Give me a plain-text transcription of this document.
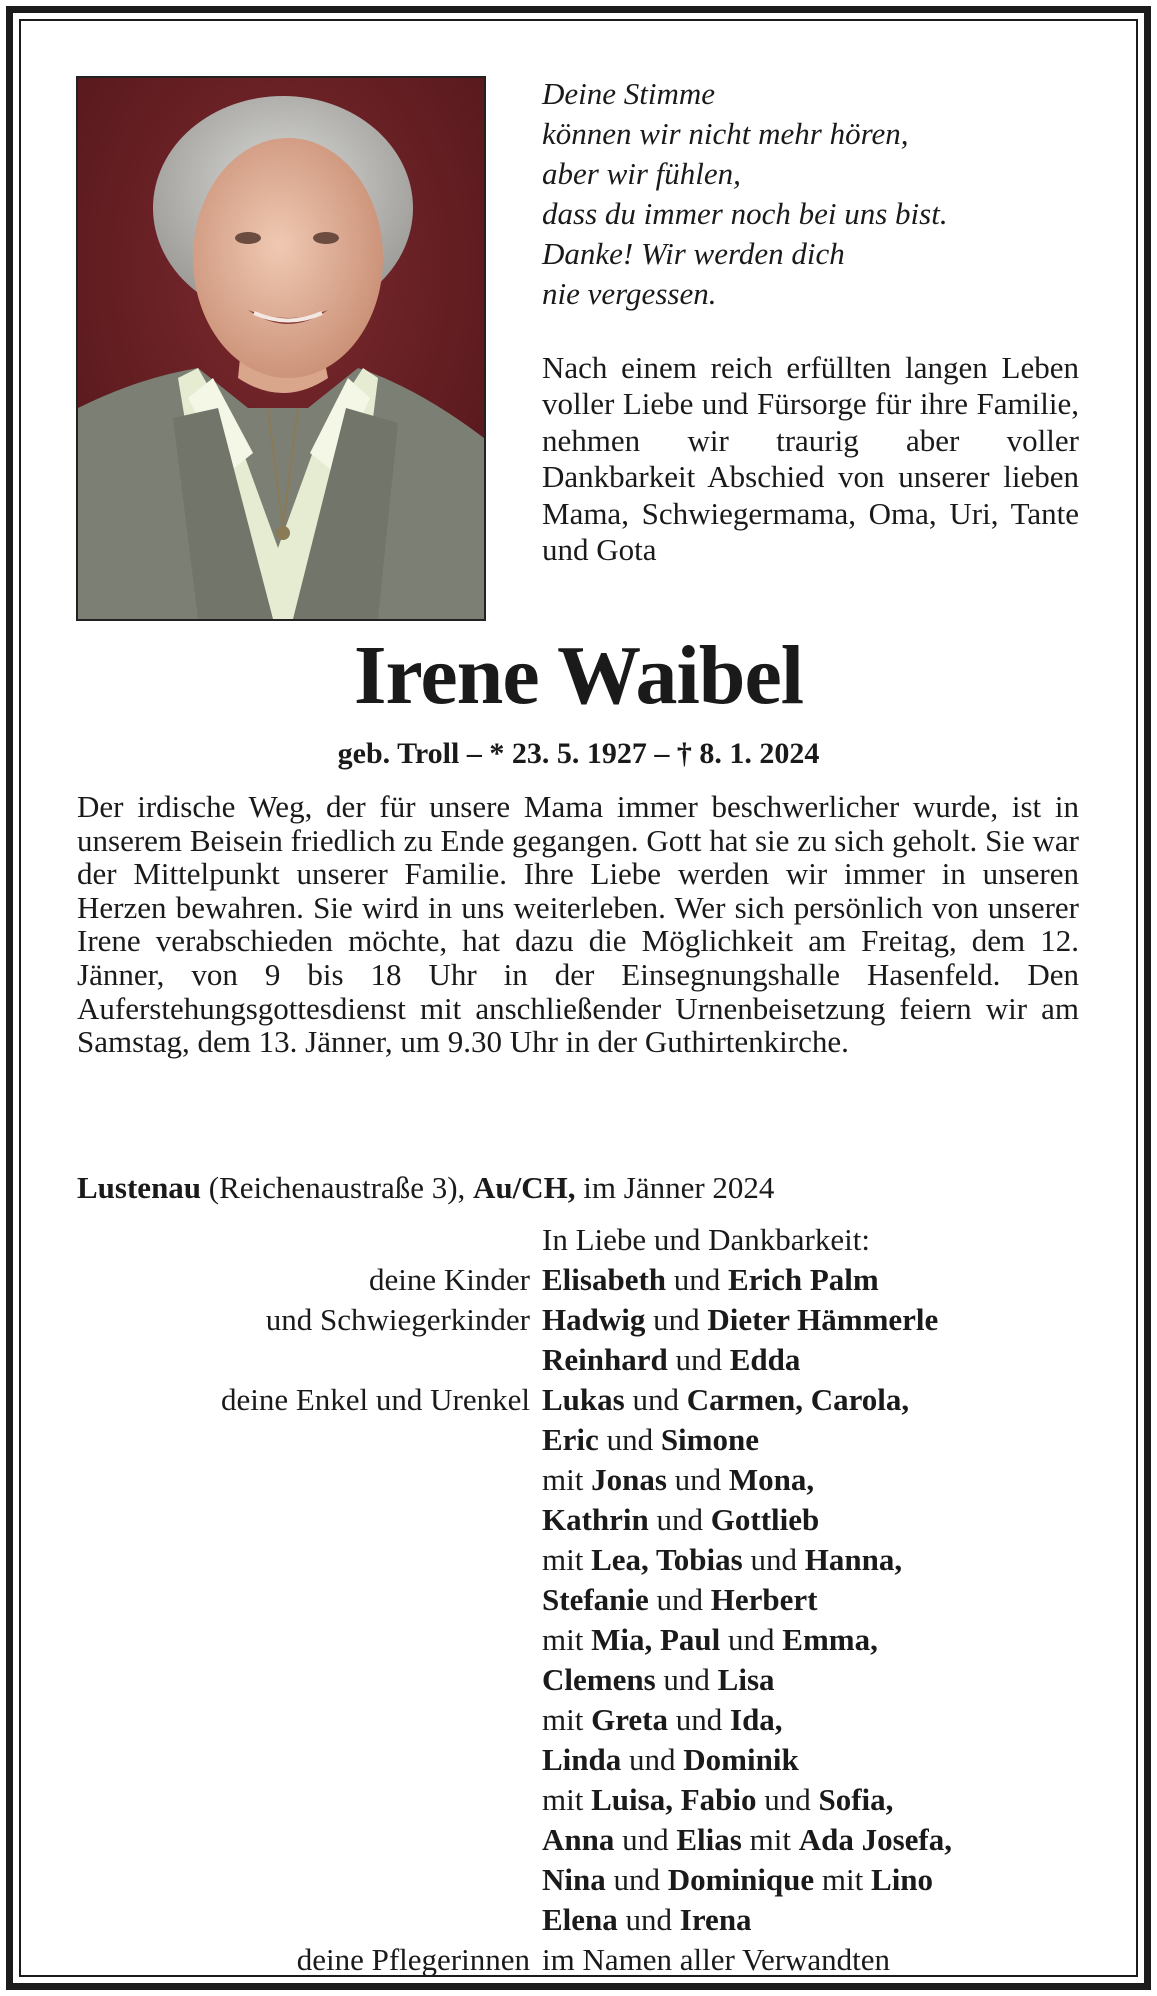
Deine Stimme
können wir nicht mehr hören,
aber wir fühlen,
dass du immer noch bei uns bist.
Danke! Wir werden dich
nie vergessen.
Nach einem reich erfüllten langen Leben voller Liebe und Fürsorge für ihre Familie, nehmen wir traurig aber voller Dankbarkeit Abschied von unserer lieben Mama, Schwiegermama, Oma, Uri, Tante und Gota
Irene Waibel
geb. Troll – * 23. 5. 1927 – † 8. 1. 2024
Der irdische Weg, der für unsere Mama immer beschwerlicher wurde, ist in unserem Beisein friedlich zu Ende gegangen. Gott hat sie zu sich geholt. Sie war der Mittelpunkt unserer Familie. Ihre Liebe werden wir immer in unseren Herzen bewahren. Sie wird in uns weiterleben. Wer sich persönlich von unserer Irene verabschieden möchte, hat dazu die Möglichkeit am Freitag, dem 12. Jänner, von 9 bis 18 Uhr in der Einsegnungshalle Hasenfeld. Den Auferstehungsgottesdienst mit anschließender Urnenbeisetzung feiern wir am Samstag, dem 13. Jänner, um 9.30 Uhr in der Guthirtenkirche.
Lustenau (Reichenaustraße 3), Au/CH, im Jänner 2024
In Liebe und Dankbarkeit:
deine Kinder
und Schwiegerkinder
deine Enkel und Urenkel
deine Pflegerinnen
Elisabeth und Erich Palm
Hadwig und Dieter Hämmerle
Reinhard und Edda
Lukas und Carmen, Carola,
Eric und Simone
mit Jonas und Mona,
Kathrin und Gottlieb
mit Lea, Tobias und Hanna,
Stefanie und Herbert
mit Mia, Paul und Emma,
Clemens und Lisa
mit Greta und Ida,
Linda und Dominik
mit Luisa, Fabio und Sofia,
Anna und Elias mit Ada Josefa,
Nina und Dominique mit Lino
Elena und Irena
im Namen aller Verwandten
